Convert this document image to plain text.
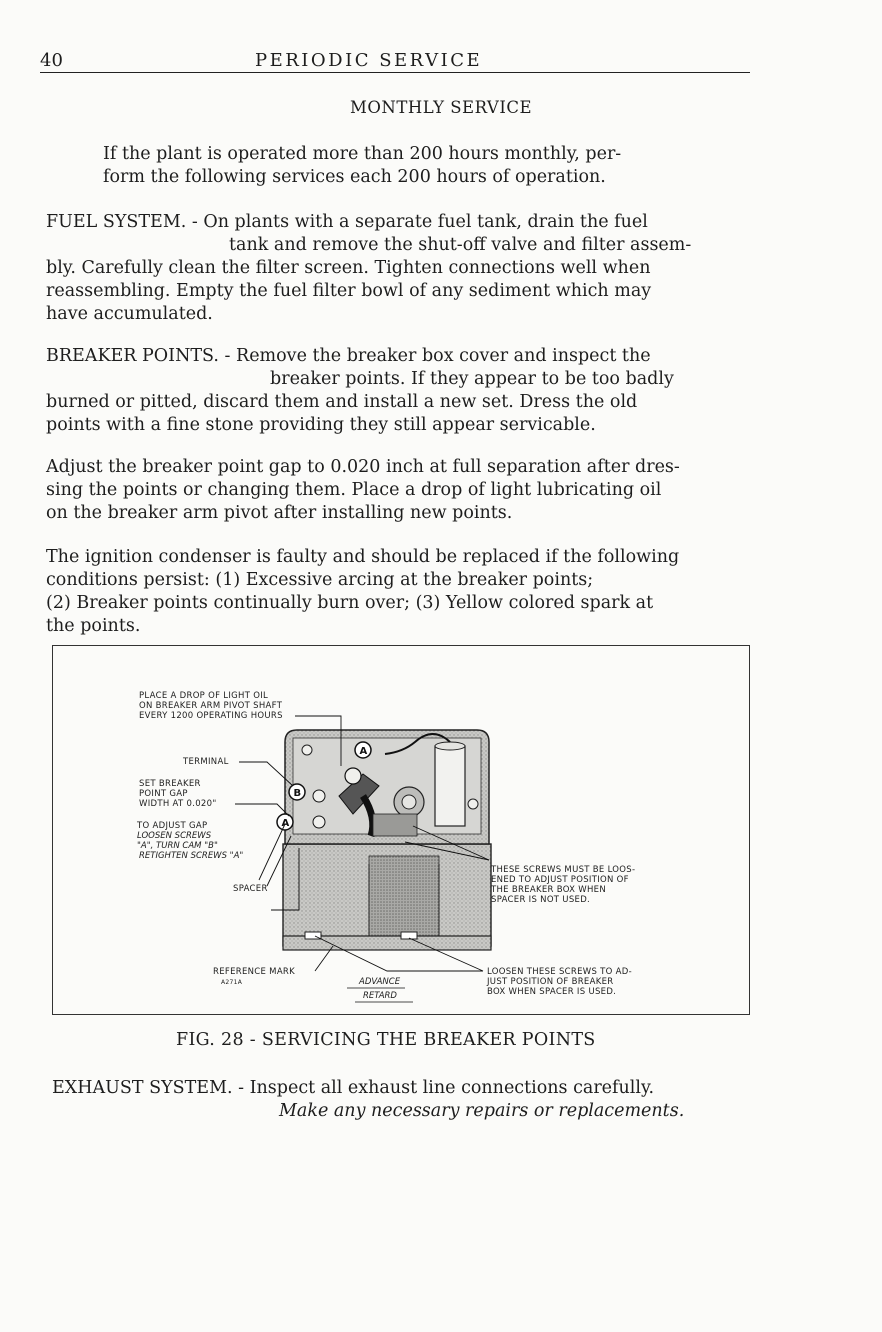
40	PERIODIC SERVICE
MONTHLY SERVICE
If the plant is operated more than 200 hours monthly, per-
form the following services each 200 hours of operation.
FUEL SYSTEM. - On plants with a separate fuel tank, drain the fuel
tank and remove the shut-off valve and filter assem-
bly. Carefully clean the filter screen. Tighten connections well when
reassembling. Empty the fuel filter bowl of any sediment which may
have accumulated.
BREAKER POINTS. - Remove the breaker box cover and inspect the
breaker points. If they appear to be too badly
burned or pitted, discard them and install a new set. Dress the old
points with a fine stone providing they still appear servicable.
Adjust the breaker point gap to 0.020 inch at full separation after dres-
sing the points or changing them. Place a drop of light lubricating oil
on the breaker arm pivot after installing new points.
The ignition condenser is faulty and should be replaced if the following
conditions persist: (1) Excessive arcing at the breaker points;
(2) Breaker points continually burn over; (3) Yellow colored spark at
the points.
A
B
A
PLACE A DROP OF LIGHT OIL
ON BREAKER ARM PIVOT SHAFT
EVERY 1200 OPERATING HOURS
TERMINAL
SET BREAKER
POINT GAP
WIDTH AT 0.020"
TO ADJUST GAP
LOOSEN SCREWS
"A", TURN CAM "B"
RETIGHTEN SCREWS "A"
SPACER
REFERENCE MARK
A271A
THESE SCREWS MUST BE LOOS-
ENED TO ADJUST POSITION OF
THE BREAKER BOX WHEN
SPACER IS NOT USED.
LOOSEN THESE SCREWS TO AD-
JUST POSITION OF BREAKER
BOX WHEN SPACER IS USED.
ADVANCE
RETARD
FIG. 28 - SERVICING THE BREAKER POINTS
EXHAUST SYSTEM. - Inspect all exhaust line connections carefully.
Make any necessary repairs or replacements.
